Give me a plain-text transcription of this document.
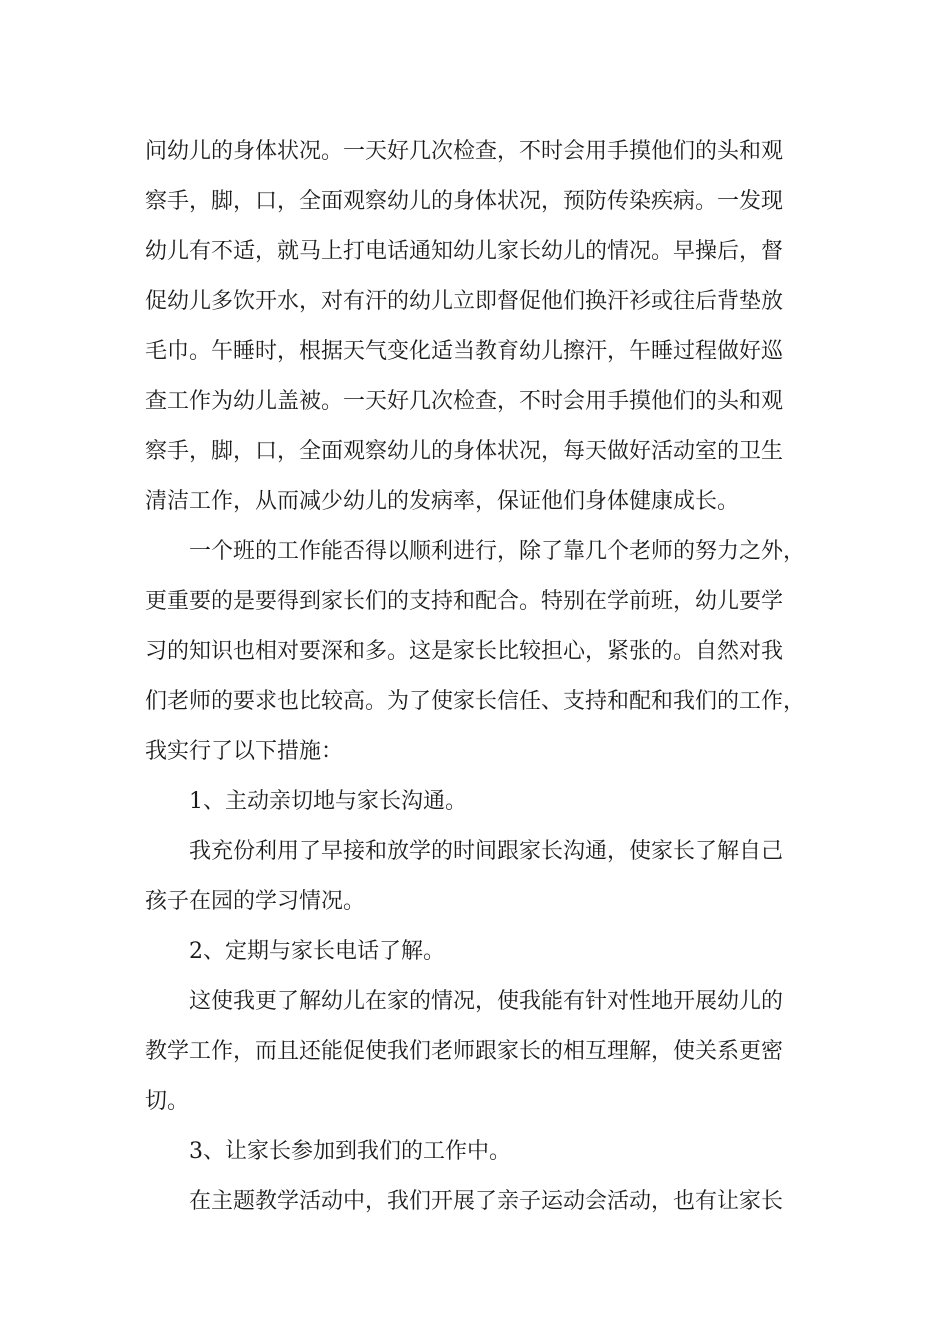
问幼儿的身体状况。一天好几次检查，不时会用手摸他们的头和观
察手，脚，口，全面观察幼儿的身体状况，预防传染疾病。一发现
幼儿有不适，就马上打电话通知幼儿家长幼儿的情况。早操后，督
促幼儿多饮开水，对有汗的幼儿立即督促他们换汗衫或往后背垫放
毛巾。午睡时，根据天气变化适当教育幼儿擦汗，午睡过程做好巡
查工作为幼儿盖被。一天好几次检查，不时会用手摸他们的头和观
察手，脚，口，全面观察幼儿的身体状况，每天做好活动室的卫生
清洁工作，从而减少幼儿的发病率，保证他们身体健康成长。
一个班的工作能否得以顺利进行，除了靠几个老师的努力之外，
更重要的是要得到家长们的支持和配合。特别在学前班，幼儿要学
习的知识也相对要深和多。这是家长比较担心，紧张的。自然对我
们老师的要求也比较高。为了使家长信任、支持和配和我们的工作，
我实行了以下措施：
1、主动亲切地与家长沟通。
我充份利用了早接和放学的时间跟家长沟通，使家长了解自己
孩子在园的学习情况。
2、定期与家长电话了解。
这使我更了解幼儿在家的情况，使我能有针对性地开展幼儿的
教学工作，而且还能促使我们老师跟家长的相互理解，使关系更密
切。
3、让家长参加到我们的工作中。
在主题教学活动中，我们开展了亲子运动会活动，也有让家长
